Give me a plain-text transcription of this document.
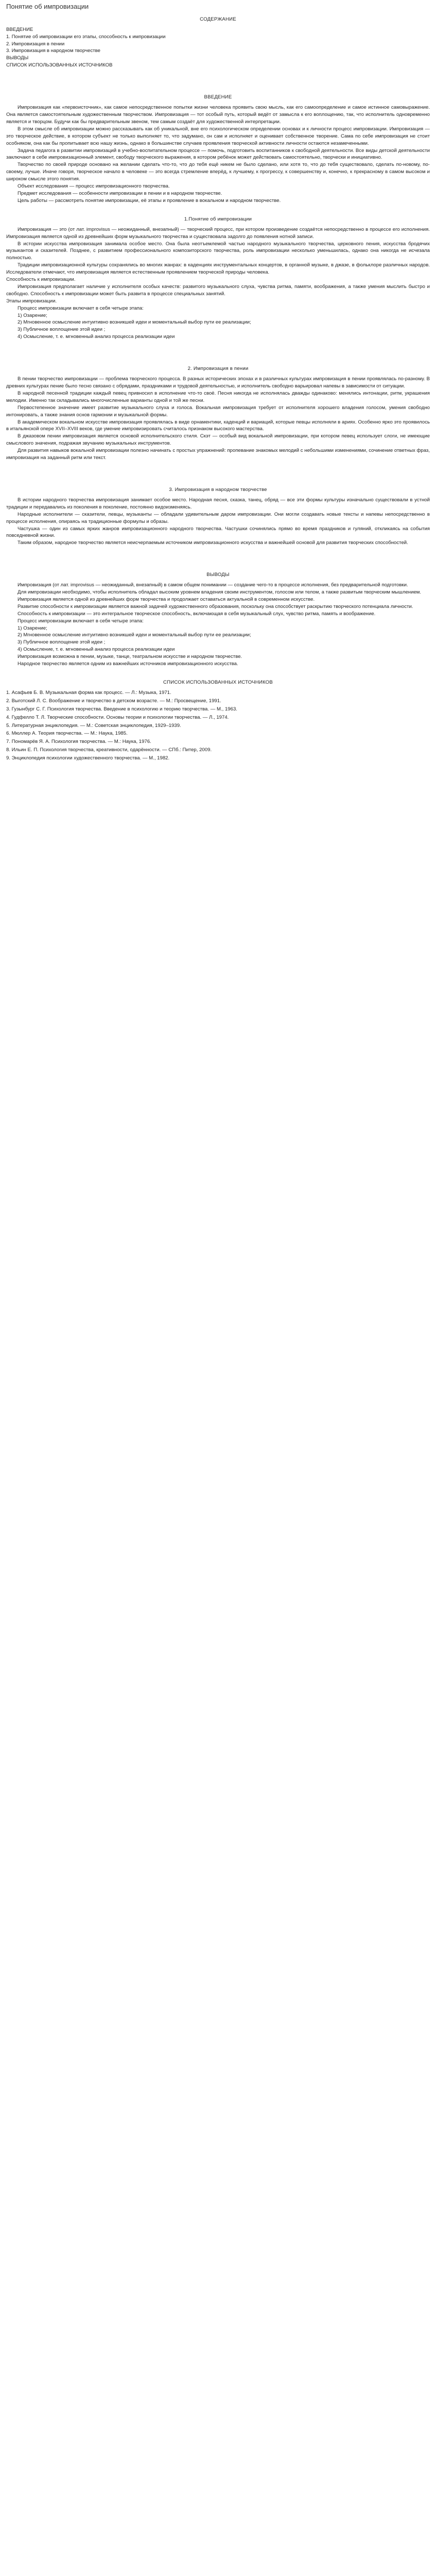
Понятие об импровизации
СОДЕРЖАНИЕ
ВВЕДЕНИЕ
1. Понятие об импровизации его этапы, способность к импровизации
2. Импровизация в пении
3. Импровизация в народном творчестве
ВЫВОДЫ
СПИСОК ИСПОЛЬЗОВАННЫХ ИСТОЧНИКОВ
ВВЕДЕНИЕ

Импровизация как «первоисточник», как самое непосредственное попытки жизни человека проявить свою мысль, как его самоопределение и самое истинное самовыражение. Она является самостоятельным художественным творчеством. Импровизация — тот особый путь, который ведёт от замысла к его воплощению, так, что исполнитель одновременно является и творцом. Будучи как бы предварительным звеном, тем самым создаёт для художественной интерпретации.

В этом смысле об импровизации можно рассказывать как об уникальной, вне его психологическом определении основах и к личности процесс импровизации. Импровизация — это творческое действие, в котором субъект не только выполняет то, что задумано, он сам и исполняет и оценивает собственное творение. Сама по себе импровизация не стоит особняком, она как бы пропитывает всю нашу жизнь, однако в большинстве случаев проявления творческой активности личности остаются незамеченными.

Задача педагога в развитии импровизаций в учебно-воспитательном процессе — помочь, подготовить воспитанников к свободной деятельности. Все виды детской деятельности заключают в себе импровизационный элемент, свободу творческого выражения, в котором ребёнок может действовать самостоятельно, творчески и инициативно.

Творчество по своей природе основано на желании сделать что-то, что до тебя ещё никем не было сделано, или хотя то, что до тебя существовало, сделать по-новому, по-своему, лучше. Иначе говоря, творческое начало в человеке — это всегда стремление вперёд, к лучшему, к прогрессу, к совершенству и, конечно, к прекрасному в самом высоком и широком смысле этого понятия.

Объект исследования — процесс импровизационного творчества.

Предмет исследования — особенности импровизации в пении и в народном творчестве.

Цель работы — рассмотреть понятие импровизации, её этапы и проявление в вокальном и народном творчестве.

1.Понятие об импровизации

Импровизация — это (от лат. improvisus — неожиданный, внезапный) — творческий процесс, при котором произведение создаётся непосредственно в процессе его исполнения. Импровизация является одной из древнейших форм музыкального творчества и существовала задолго до появления нотной записи.

В истории искусства импровизация занимала особое место. Она была неотъемлемой частью народного музыкального творчества, церковного пения, искусства бродячих музыкантов и сказителей. Позднее, с развитием профессионального композиторского творчества, роль импровизации несколько уменьшилась, однако она никогда не исчезала полностью.

Традиции импровизационной культуры сохранялись во многих жанрах: в каденциях инструментальных концертов, в органной музыке, в джазе, в фольклоре различных народов. Исследователи отмечают, что импровизация является естественным проявлением творческой природы человека.

Способность к импровизации.

Импровизация предполагает наличие у исполнителя особых качеств: развитого музыкального слуха, чувства ритма, памяти, воображения, а также умения мыслить быстро и свободно. Способность к импровизации может быть развита в процессе специальных занятий.

Этапы импровизации.

Процесс импровизации включает в себя четыре этапа:

1) Озарение;
2) Мгновенное осмысление интуитивно возникшей идеи и моментальный выбор пути ее реализации;
3) Публичное воплощение этой идеи ;
4) Осмысление, т. е. мгновенный анализ процесса реализации идеи
2. Импровизация в пении

В пении творчество импровизации — проблема творческого процесса. В разных исторических эпохах и в различных культурах импровизация в пении проявлялась по-разному. В древних культурах пение было тесно связано с обрядами, праздниками и трудовой деятельностью, и исполнитель свободно варьировал напевы в зависимости от ситуации.

В народной песенной традиции каждый певец привносил в исполнение что-то своё. Песня никогда не исполнялась дважды одинаково: менялись интонации, ритм, украшения мелодии. Именно так складывались многочисленные варианты одной и той же песни.

Первостепенное значение имеет развитие музыкального слуха и голоса. Вокальная импровизация требует от исполнителя хорошего владения голосом, умения свободно интонировать, а также знания основ гармонии и музыкальной формы.

В академическом вокальном искусстве импровизация проявлялась в виде орнаментики, каденций и вариаций, которые певцы исполняли в ариях. Особенно ярко это проявилось в итальянской опере XVII–XVIII веков, где умение импровизировать считалось признаком высокого мастерства.

В джазовом пении импровизация является основой исполнительского стиля. Скэт — особый вид вокальной импровизации, при котором певец использует слоги, не имеющие смыслового значения, подражая звучанию музыкальных инструментов.

Для развития навыков вокальной импровизации полезно начинать с простых упражнений: пропевание знакомых мелодий с небольшими изменениями, сочинение ответных фраз, импровизация на заданный ритм или текст.

3. Импровизация в народном творчестве

В истории народного творчества импровизация занимает особое место. Народная песня, сказка, танец, обряд — все эти формы культуры изначально существовали в устной традиции и передавались из поколения в поколение, постоянно видоизменяясь.

Народные исполнители — сказители, певцы, музыканты — обладали удивительным даром импровизации. Они могли создавать новые тексты и напевы непосредственно в процессе исполнения, опираясь на традиционные формулы и образы.

Частушка — один из самых ярких жанров импровизационного народного творчества. Частушки сочинялись прямо во время праздников и гуляний, откликаясь на события повседневной жизни.

Таким образом, народное творчество является неисчерпаемым источником импровизационного искусства и важнейшей основой для развития творческих способностей.

ВЫВОДЫ

Импровизация (от лат. improvisus — неожиданный, внезапный) в самом общем понимании — создание чего-то в процессе исполнения, без предварительной подготовки.

Для импровизации необходимо, чтобы исполнитель обладал высоким уровнем владения своим инструментом, голосом или телом, а также развитым творческим мышлением.

Импровизация является одной из древнейших форм творчества и продолжает оставаться актуальной в современном искусстве.

Развитие способности к импровизации является важной задачей художественного образования, поскольку она способствует раскрытию творческого потенциала личности.

Способность к импровизации — это интегральное творческое способность, включающая в себя музыкальный слух, чувство ритма, память и воображение.

Процесс импровизации включает в себя четыре этапа:

1) Озарение;
2) Мгновенное осмысление интуитивно возникшей идеи и моментальный выбор пути ее реализации;
3) Публичное воплощение этой идеи ;
4) Осмысление, т. е. мгновенный анализ процесса реализации идеи

Импровизация возможна в пении, музыке, танце, театральном искусстве и народном творчестве.

Народное творчество является одним из важнейших источников импровизационного искусства.

СПИСОК ИСПОЛЬЗОВАННЫХ ИСТОЧНИКОВ

1. Асафьев Б. В. Музыкальная форма как процесс. — Л.: Музыка, 1971.

2. Выготский Л. С. Воображение и творчество в детском возрасте. — М.: Просвещение, 1991.

3. Гузынбург С. Г. Психология творчества. Введение в психологию и теорию творчества. — М., 1963.

4. Гудфелло Т. Л. Творческие способности. Основы теории и психологии творчества. — Л., 1974.

5. Литературная энциклопедия. — М.: Советская энциклопедия, 1929–1939.

6. Мюллер А. Теория творчества. — М.: Наука, 1985.

7. Пономарёв Я. А. Психология творчества. — М.: Наука, 1976.

8. Ильин Е. П. Психология творчества, креативности, одарённости. — СПб.: Питер, 2009.

9. Энциклопедия психологии художественного творчества. — М., 1982.
